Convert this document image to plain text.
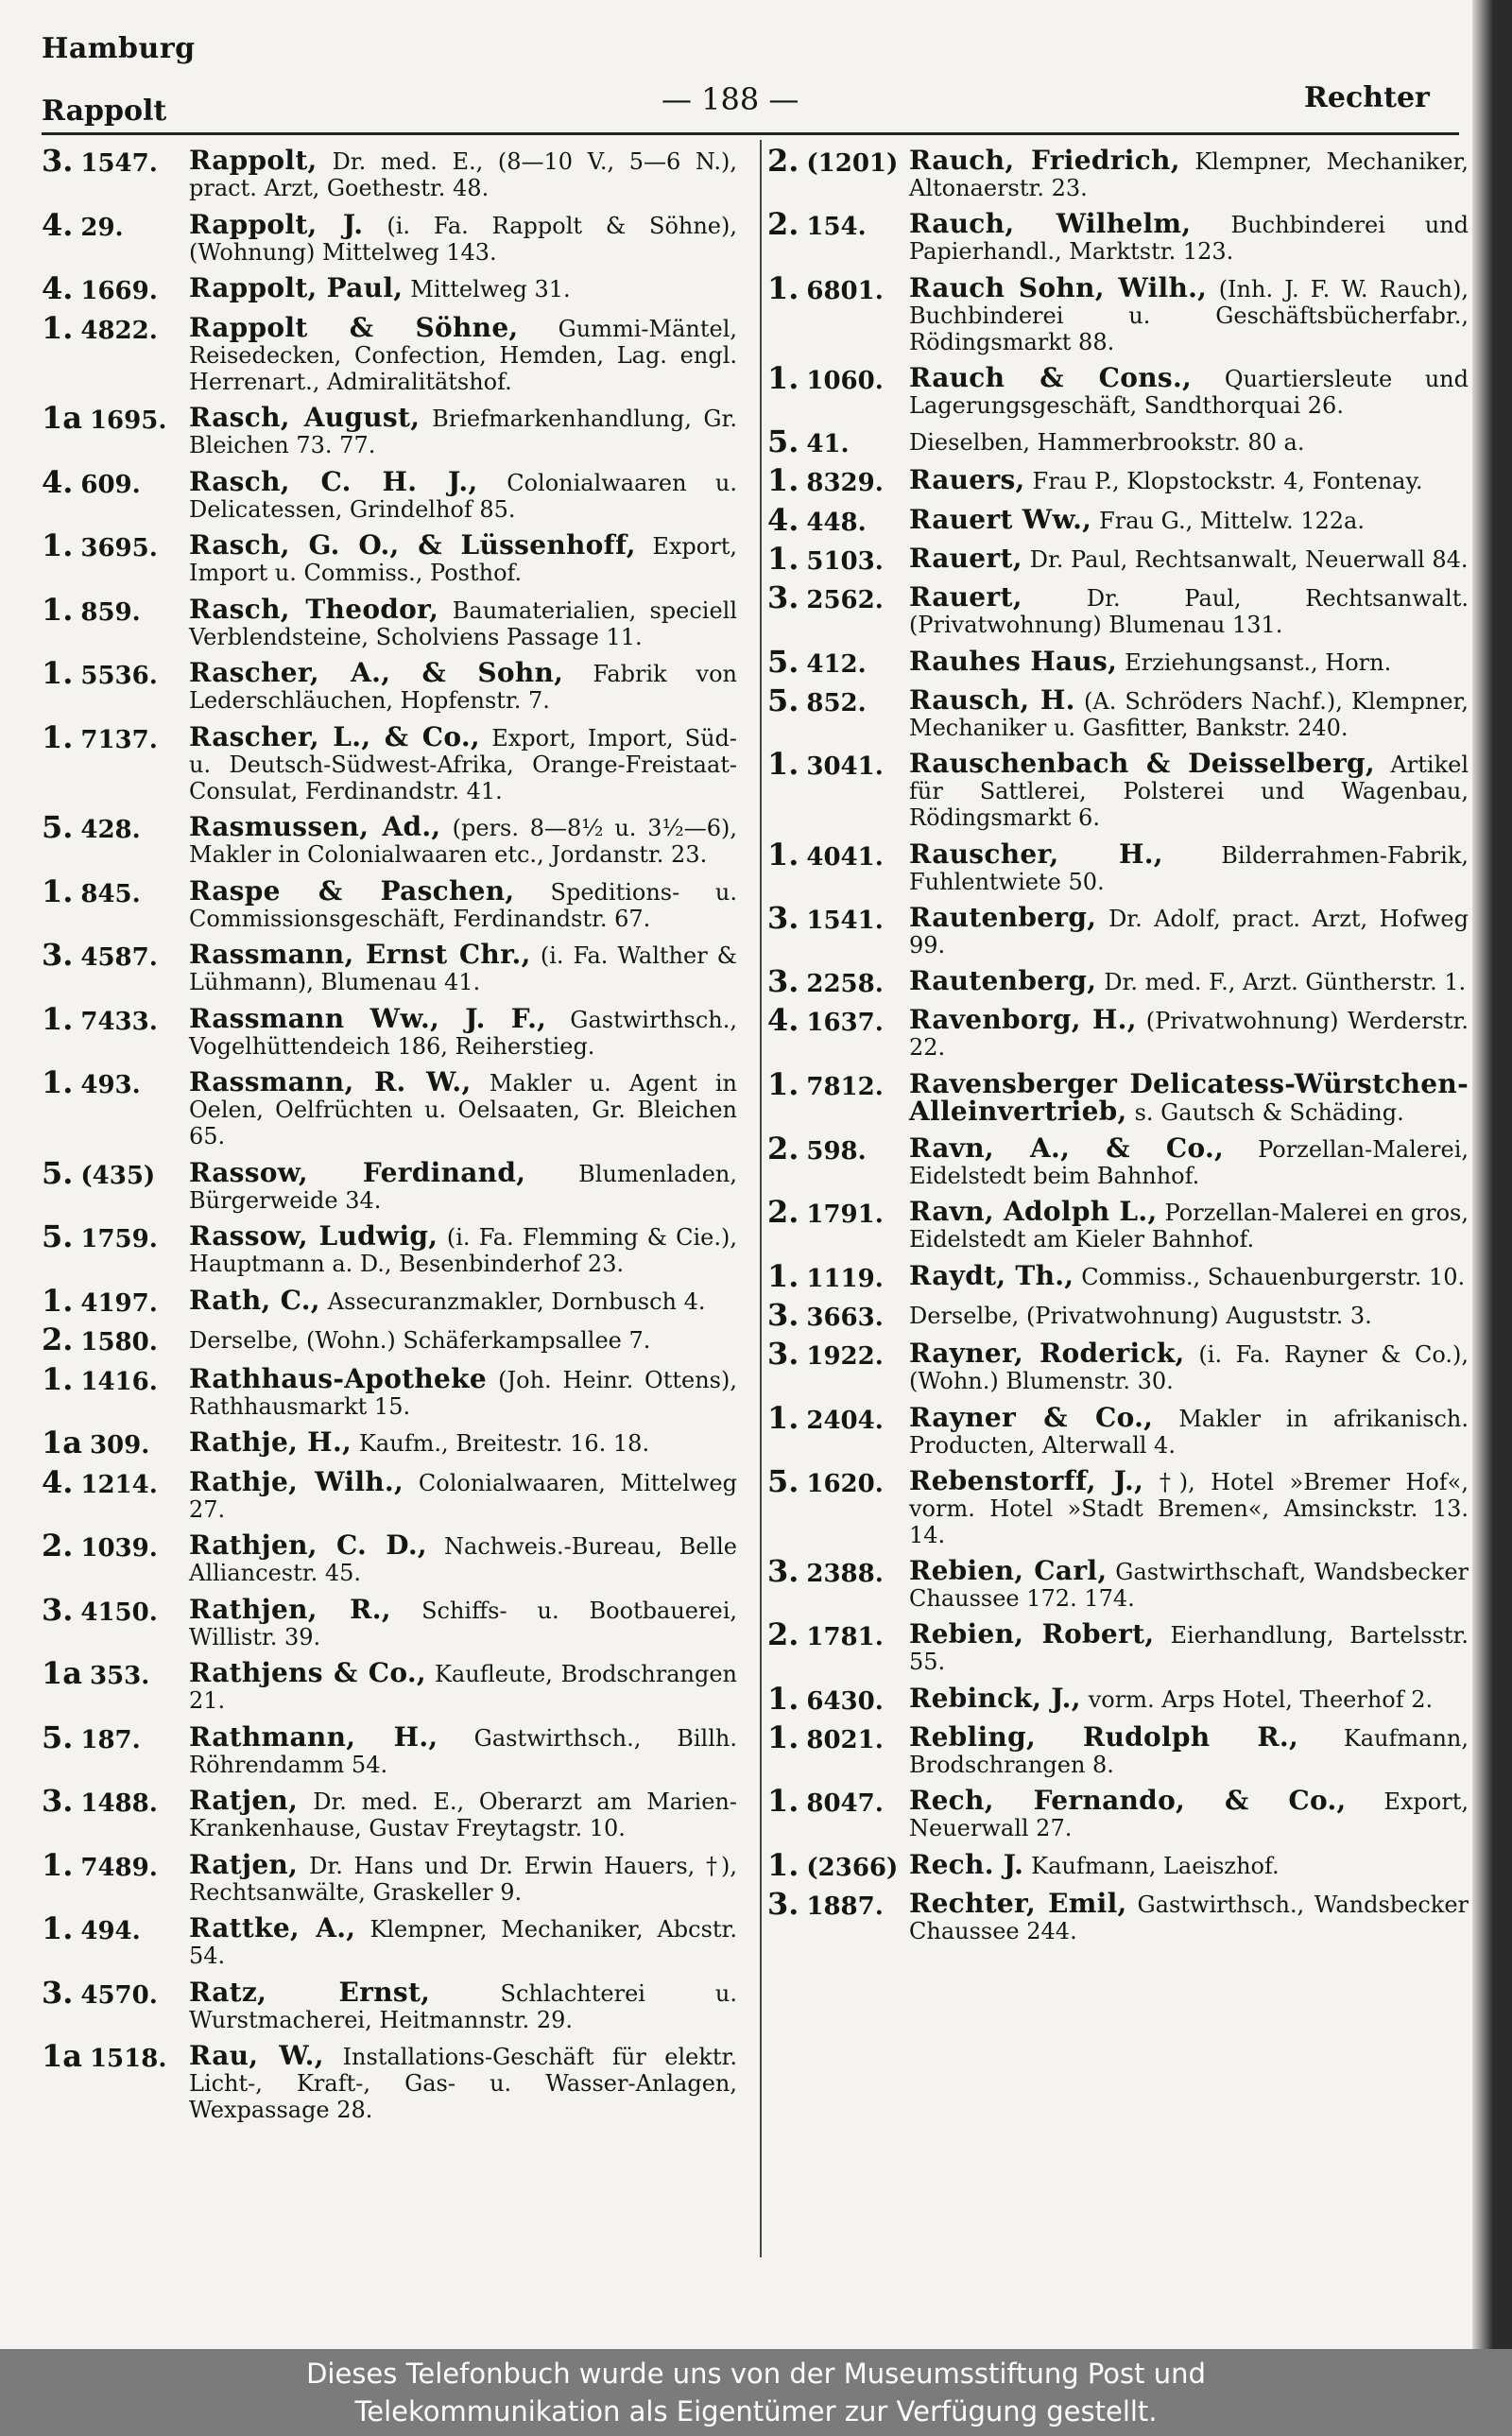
Hamburg
Rappolt	— 188 —	Rechter
3. 1547.	Rappolt, Dr. med. E., (8—10 V., 5—6 N.), pract. Arzt, Goethestr. 48.
4. 29.	Rappolt, J. (i. Fa. Rappolt & Söhne), (Wohnung) Mittelweg 143.
4. 1669.	Rappolt, Paul, Mittelweg 31.
1. 4822.	Rappolt & Söhne, Gummi-Mäntel, Reisedecken, Confection, Hemden, Lag. engl. Herrenart., Admiralitätshof.
1a 1695. Rasch, August, Briefmarkenhandlung, Gr. Bleichen 73. 77.
4. 609.	Rasch, C. H. J., Colonialwaaren u. Delicatessen, Grindelhof 85.
1. 3695.	Rasch, G. O., & Lüssenhoff, Export, Import u. Commiss., Posthof.
1. 859.	Rasch, Theodor, Baumaterialien, speciell Verblendsteine, Scholviens Passage 11.
1. 5536.	Rascher, A., & Sohn, Fabrik von Lederschläuchen, Hopfenstr. 7.
1. 7137.	Rascher, L., & Co., Export, Import, Süd- u. Deutsch-Südwest-Afrika, Orange-Freistaat-Consulat, Ferdinandstr. 41.
5. 428.	Rasmussen, Ad., (pers. 8—8½ u. 3½—6), Makler in Colonialwaaren etc., Jordanstr. 23.
1. 845.	Raspe & Paschen, Speditions- u. Commissionsgeschäft, Ferdinandstr. 67.
3. 4587.	Rassmann, Ernst Chr., (i. Fa. Walther & Lühmann), Blumenau 41.
1. 7433.	Rassmann Ww., J. F., Gastwirthsch., Vogelhüttendeich 186, Reiherstieg.
1. 493.	Rassmann, R. W., Makler u. Agent in Oelen, Oelfrüchten u. Oelsaaten, Gr. Bleichen 65.
5. (435)	Rassow, Ferdinand, Blumenladen, Bürgerweide 34.
5. 1759.	Rassow, Ludwig, (i. Fa. Flemming & Cie.), Hauptmann a. D., Besenbinderhof 23.
1. 4197.	Rath, C., Assecuranzmakler, Dornbusch 4.
2. 1580.	Derselbe, (Wohn.) Schäferkampsallee 7.
1. 1416.	Rathhaus-Apotheke (Joh. Heinr. Ottens), Rathhausmarkt 15.
1a 309.	Rathje, H., Kaufm., Breitestr. 16. 18.
4. 1214.	Rathje, Wilh., Colonialwaaren, Mittelweg 27.
2. 1039.	Rathjen, C. D., Nachweis.-Bureau, Belle Alliancestr. 45.
3. 4150.	Rathjen, R., Schiffs- u. Bootbauerei, Willistr. 39.
1a 353.	Rathjens & Co., Kaufleute, Brodschrangen 21.
5. 187.	Rathmann, H., Gastwirthsch., Billh. Röhrendamm 54.
3. 1488.	Ratjen, Dr. med. E., Oberarzt am Marien-Krankenhause, Gustav Freytagstr. 10.
1. 7489.	Ratjen, Dr. Hans und Dr. Erwin Hauers, †), Rechtsanwälte, Graskeller 9.
1. 494.	Rattke, A., Klempner, Mechaniker, Abcstr. 54.
3. 4570.	Ratz, Ernst,	Schlachterei u. Wurstmacherei, Heitmannstr. 29.
1a 1518. Rau, W., Installations-Geschäft für elektr. Licht-, Kraft-, Gas- u. Wasser-Anlagen, Wexpassage 28.
2. (1201) Rauch, Friedrich, Klempner, Mechaniker, Altonaerstr. 23.
2. 154.	Rauch, Wilhelm, Buchbinderei und Papierhandl., Marktstr. 123.
1. 6801. Rauch Sohn, Wilh., (Inh. J. F. W. Rauch), Buchbinderei u. Geschäftsbücherfabr., Rödingsmarkt 88.
1. 1060. Rauch & Cons., Quartiersleute und Lagerungsgeschäft, Sandthorquai 26.
5. 41.	Dieselben, Hammerbrookstr. 80 a.
1. 8329. Rauers, Frau P., Klopstockstr. 4, Fontenay.
4. 448.	Rauert Ww., Frau G., Mittelw. 122a.
1. 5103. Rauert, Dr. Paul, Rechtsanwalt, Neuerwall 84.
3. 2562. Rauert,	Dr. Paul, Rechtsanwalt. (Privatwohnung) Blumenau 131.
5. 412.	Rauhes Haus, Erziehungsanst., Horn.
5. 852.	Rausch, H. (A. Schröders Nachf.), Klempner, Mechaniker u. Gasfitter, Bankstr. 240.
1. 3041. Rauschenbach & Deisselberg, Artikel für Sattlerei, Polsterei und Wagenbau, Rödingsmarkt 6.
1. 4041. Rauscher, H.,	Bilderrahmen-Fabrik, Fuhlentwiete 50.
3. 1541. Rautenberg, Dr. Adolf, pract. Arzt, Hofweg 99.
3. 2258. Rautenberg, Dr. med. F., Arzt. Güntherstr. 1.
4. 1637. Ravenborg, H., (Privatwohnung) Werderstr. 22.
1. 7812. Ravensberger Delicatess-Würstchen-Alleinvertrieb, s. Gautsch & Schäding.
2. 598.	Ravn, A., & Co., Porzellan-Malerei, Eidelstedt beim Bahnhof.
2. 1791. Ravn, Adolph L., Porzellan-Malerei en gros, Eidelstedt am Kieler Bahnhof.
1. 1119. Raydt, Th., Commiss., Schauenburgerstr. 10.
3. 3663.	Derselbe, (Privatwohnung) Auguststr. 3.
3. 1922. Rayner, Roderick, (i. Fa. Rayner & Co.), (Wohn.) Blumenstr. 30.
1. 2404. Rayner & Co., Makler in afrikanisch. Producten, Alterwall 4.
5. 1620. Rebenstorff, J., †), Hotel »Bremer Hof«, vorm. Hotel »Stadt Bremen«, Amsinckstr. 13. 14.
3. 2388. Rebien, Carl, Gastwirthschaft, Wandsbecker Chaussee 172. 174.
2. 1781. Rebien, Robert, Eierhandlung, Bartelsstr. 55.
1. 6430. Rebinck, J., vorm. Arps Hotel, Theerhof 2.
1. 8021. Rebling, Rudolph R., Kaufmann, Brodschrangen 8.
1. 8047. Rech, Fernando, & Co., Export, Neuerwall 27.
1. (2366) Rech. J. Kaufmann, Laeiszhof.
3. 1887. Rechter, Emil, Gastwirthsch., Wandsbecker Chaussee 244.
Dieses Telefonbuch wurde uns von der Museumsstiftung Post und
Telekommunikation als Eigentümer zur Verfügung gestellt.
